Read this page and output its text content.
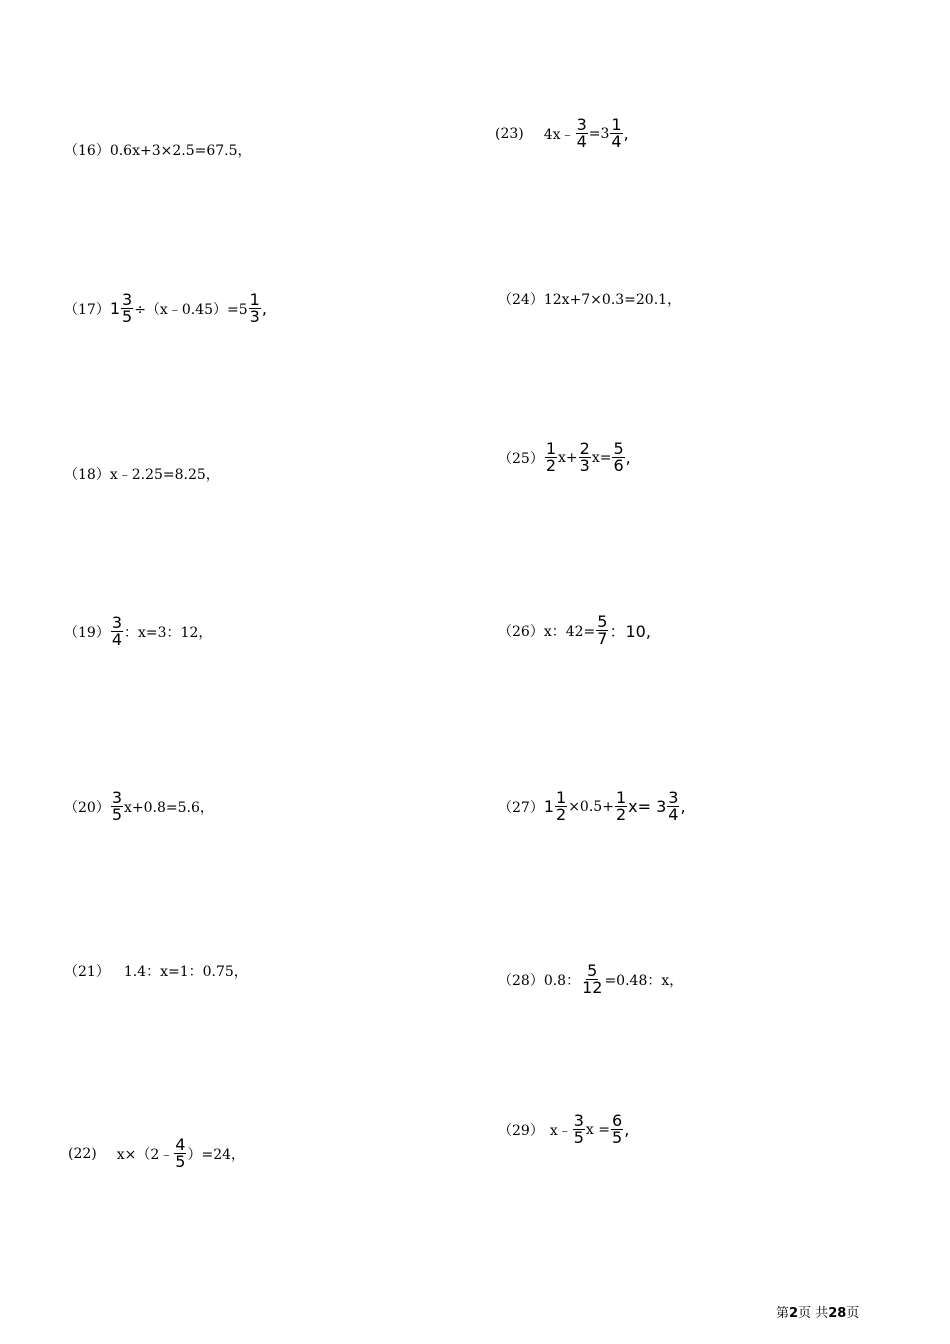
（16） 0.6x+3×2.5=67.5，
（17） $1 \frac{3}{5}$ ÷（x﹣0.45）=5 $\frac{1}{3}$ ,
（18） x﹣2.25=8.25，
$(19) \frac{3}{4}$ ：x=3：12，
$(20) \frac{3}{5} x+0.8=5.6$，
（21） 1.4：x=1：0.75，
(22) x×（2﹣ $\frac{4}{5} )=24$，
(23) 4x﹣ $\frac{3}{4} =3 \frac{1}{4}$ ,
（24） 12x+7×0.3=20.1，
$(25) \frac{1}{2} x+ \frac{2}{3} x= \frac{5}{6}$ ,
（26） x：$42= \frac{5}{7}$ ：10,
（27） $1 \frac{1}{2} \times 0.5+ \frac{1}{2} x= 3 \frac{3}{4}$ ,
（28） 0.8： $\frac{5}{12} =0.48$：x，
（29） x﹣ $\frac{3}{5}$ $x = \frac{6}{5}$ ,
第2页 共28页
